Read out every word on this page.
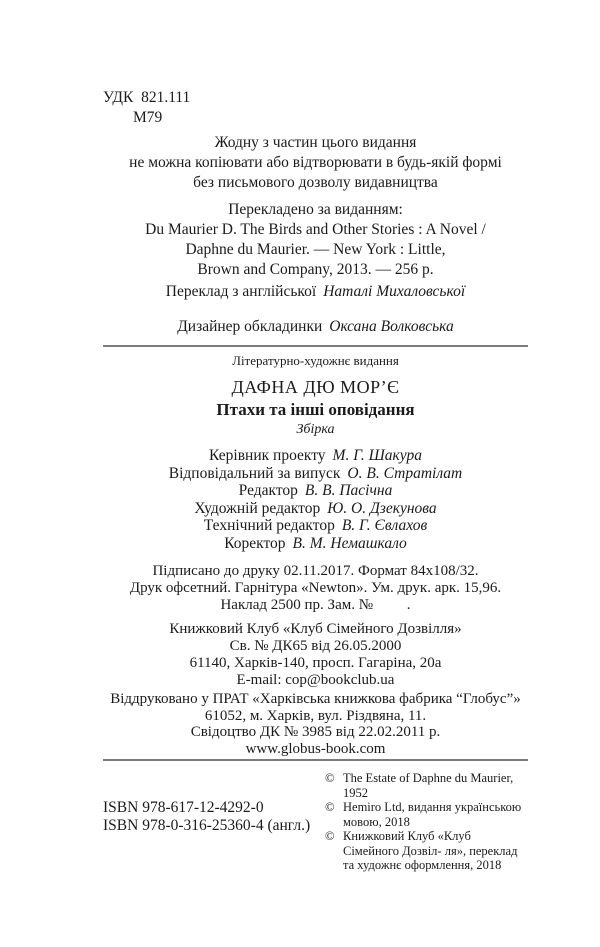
УДК  821.111
М79
Жодну з частин цього видання
не можна копіювати або відтворювати в будь-якій формі
без письмового дозволу видавництва
Перекладено за виданням:
Du Maurier D. The Birds and Other Stories : A Novel /
Daphne du Maurier. — New York : Little,
Brown and Company, 2013. — 256 p.
Переклад з англійської Наталі Михаловської
Дизайнер обкладинки Оксана Волковська
Літературно-художнє видання
ДАФНА ДЮ МОР’Є
Птахи та інші оповідання
Збірка
Керівник проекту М. Г. Шакура
Відповідальний за випуск О. В. Стратілат
Редактор В. В. Пасічна
Художній редактор Ю. О. Дзекунова
Технічний редактор В. Г. Євлахов
Коректор В. М. Немашкало
Підписано до друку 02.11.2017. Формат 84х108/32.
Друк офсетний. Гарнітура «Newton». Ум. друк. арк. 15,96.
Наклад 2500 пр. Зам. №         .
Книжковий Клуб «Клуб Сімейного Дозвілля»
Св. № ДК65 від 26.05.2000
61140, Харків-140, просп. Гагаріна, 20а
E-mail: cop@bookclub.ua
Віддруковано у ПРАТ «Харківська книжкова фабрика “Глобус”»
61052, м. Харків, вул. Різдвяна, 11.
Свідоцтво ДК № 3985 від 22.02.2011 р.
www.globus-book.com
ISBN 978-617-12-4292-0
ISBN 978-0-316-25360-4 (англ.)
© The Estate of Daphne du Maurier, 1952
© Hemiro Ltd, видання українською мовою, 2018
© Книжковий Клуб «Клуб Сімейного Дозвіл- ля», переклад та художнє оформлення, 2018
